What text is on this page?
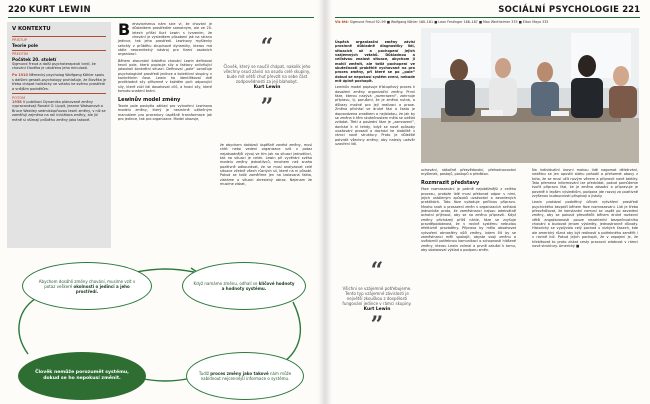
220 KURT LEWIN
V KONTEXTU
PŘÍSTUP
Teorie pole
PŘEDTÍM
Počátek 20. století

Sigmund Freud a další psychoterapeuti tvrdí, že chování člověka je utvářeno jeho minulostí.

Po 1910 Německý psycholog Wolfgang Köhler spolu s dalšími gestalt-psychology prohlašuje, že člověka je třeba chápat holisticky ve vztahu ke svému prostředí a vnějším podnětům.

POTOM

1958 V publikaci Dynamika plánované změny vypracovávají Ronald O. Lippit, Jeanne Watsonová a Bruce Westley sedmistupňovou teorii změny, v níž se zaměřují zejména na roli iniciátora změny, ale již méně si všímají průběhu změny jako takové.

B ehaviorismus nám sice ví, že chování je důsledkem prostředím samotným, ale ve 20. letech přišel Kurt Lewin s tvrzením, že chování je výsledkem působení jak na stranu jedince, tak jeho prostředí. Lewinovy myšlenky sehrály v průběhu skupinové dynamiky, kterou má stále neocenitelný nástroj pro řízení osobních organizací.

Během zkoumání lidského chování Lewin definoval teorii pole, která popisuje síly a faktory ovlivňující jakoukoli konkrétní situaci. Definoval „pole“ označuje psychologické prostředí jedince a kolektivní skupiny v konkrétním čase. Lewin ho identifikoval dvě protikladné síly přítomné v každém poli: odporující síly, které zúží lidi dosahovat cílů, a hnací síly, které tomuto snažení brání.

Lewinův model změny

Teorie pole poskytla základ pro vytvoření Lewinova modelu změny, který je nesmírně užitečným manuálem pro procedury úspěšně transformace jak pro jedince, tak pro organizace. Model ukazuje,

“
Člověk, který se naučil chápat, nakolik jeho všechny osud závisí na osudu celé skupiny, bude mít větší chuť převzít na sebe část zodpovědnosti za její blahobyt.
Kurt Lewin
”

že abychom dokázali úspěšně zavést změny, musí chtít nebo vedení organizace vzít v potaz nejzásadnější vývoj ve tím jak na situaci jednotlivci, tak na situaci je celek. Lewin při vyvěrání svého modelu změny jednotlivců, mnohem než snaha pozitivně odbourávat, že se musí analyzovat celé situace včetně všech různých sil, které na ni působí. Pokud se totiž zaměříme jen na izolovaná fakta, získáme o situaci zkreslený obraz. Nejenom že musíme získat,

Abychom dosáhli změny chování, musíme vzít v potaz veškeré okolnosti o jedinci a jeho prostředí.
Když namáme změnu, odhalí se klíčové hodnoty a hodnoty systému.
Člověk nemůže porozumět systému, dokud se ho nepokusí změnit.
Tudíž proces změny jako takové nám může nabídnout nejcennější informace o systému.
SOCIÁLNÍ PSYCHOLOGIE 221
Viz též: Sigmund Freud 92–99 ■ Wolfgang Köhler 160–161 ■ Leon Festinger 166–167 ■ Max Wertheimer 335 ■ Elton Mayo 335

Úspěch organizační změny závisí prosinně důkladně diagnostiky lidí, situacích až a pochopení jejich vzájemných vztahů. Důkladnou a celistvou znalost situace, abychom ji mohli změnit, ale totiž pochopení ve skutečnosti proběhlé vychované na pro proces změny, při které se po „pole“ dokud se nepokusí systém zvení, nebude mít úplně pochopit.

Lewinův model popisuje třístupňový proces k dosažení změny organizační změny. První fáze, kterou nazývá „rozmrazení“, zahrnuje přípravu, tj. porušení, že je změna nutná, a důkazy možné pro její realizaci a praxe. Změna přichází ve druhé fázi a často je doprovázena zmatkem a nejistotou, že jak by se změna k těm skutečnostem měla se udělat zvládat. Třetí a poslední fáze je „zamrazení“, dochází k ní tehdy, když se nové způsoby uvažování prosadí a dochází ke stabilitě v rámci nové struktury. Proto je důležité potvrdit všechny změny, aby nalezly uzávěr uzavření lidí.

uchování, nákočné přesvědování, přehodnocování myšlenek, postojů, postupů a přeďstav.

Rozmrazit představy

Fáze rozmrazování je patrně nejobtížnější z celého procesu, protože lidé musí překonat odpor s nimi, jejich ustáleným způsobů uvažování a zavedených praktikách. Tato fáze vyžaduje pečlivou přípravu. Mnoho snah o prosazení změn v organizacích selhává jednoduše proto, že zaměstnanci nejsou adekvátně ochotni přijmout, aby se na změnu připravili. Když změny přicházejí příliš náhle, fáze se zvyšuje pravděpodobnost, že v rovině systému nebudou efektivně prováděny. Příprava by měla obsahovat vytvoření atmosféry vůči změny, kdem čili by se zaměstnanci měli spokojit, abyste svoji změnu a uvědomili potřebnou komunikaci o schopnosti hlášené změny, kterou Lewin vnímal a prvně zalušel k tomu, aby obstaroval výklad a podporu změn.

Na individuální úrovni mohou lidé nagomat déletrvání, nedělou se jen opustit stáhu pohodlí a přehomet obavy z toho, že se musí učit novým věcem a připravit nové taktiky. Tato přemena informování lze předvídat, pokud pomůžeme tvořit přípravu fázi, že je změna zásadní a připravuje je povedě k lepším výsledkům, podpora jde rozvoj za pozitivně zvýšenou budoucností přispívají a jistoty.

Lewin prokázal podnětný účinek vytváření prostředí psychického bezpečí během fáze rozmrazování. Lidi je třeba přesvědčovat, že konstantní nemusí se uspět po zavedení změny, aby se pokusit přesvědčit během druhé rozkevní větší angažovanosti pouze nezohlední bezpečnostního chování a budovat jenom výsledky, jednostranné důvody. Historicky se vyplývalo celý pochod v nízkých časech, kde ale americký různá aby být reálností a potřebného zaměřit i v rovině lidí. Pokud jejich pochopit, že v zapojení je, že hřebíkovat to proto získat cesty pracovní zdatnost v rámci nové struktury. Americký ■

“
Všichni se vzájemně potřebujeme. Tento typ vzájemné závislosti je největší zkouškou z dospělosti fungování jedince v rámci skupiny.
Kurt Lewin
”
